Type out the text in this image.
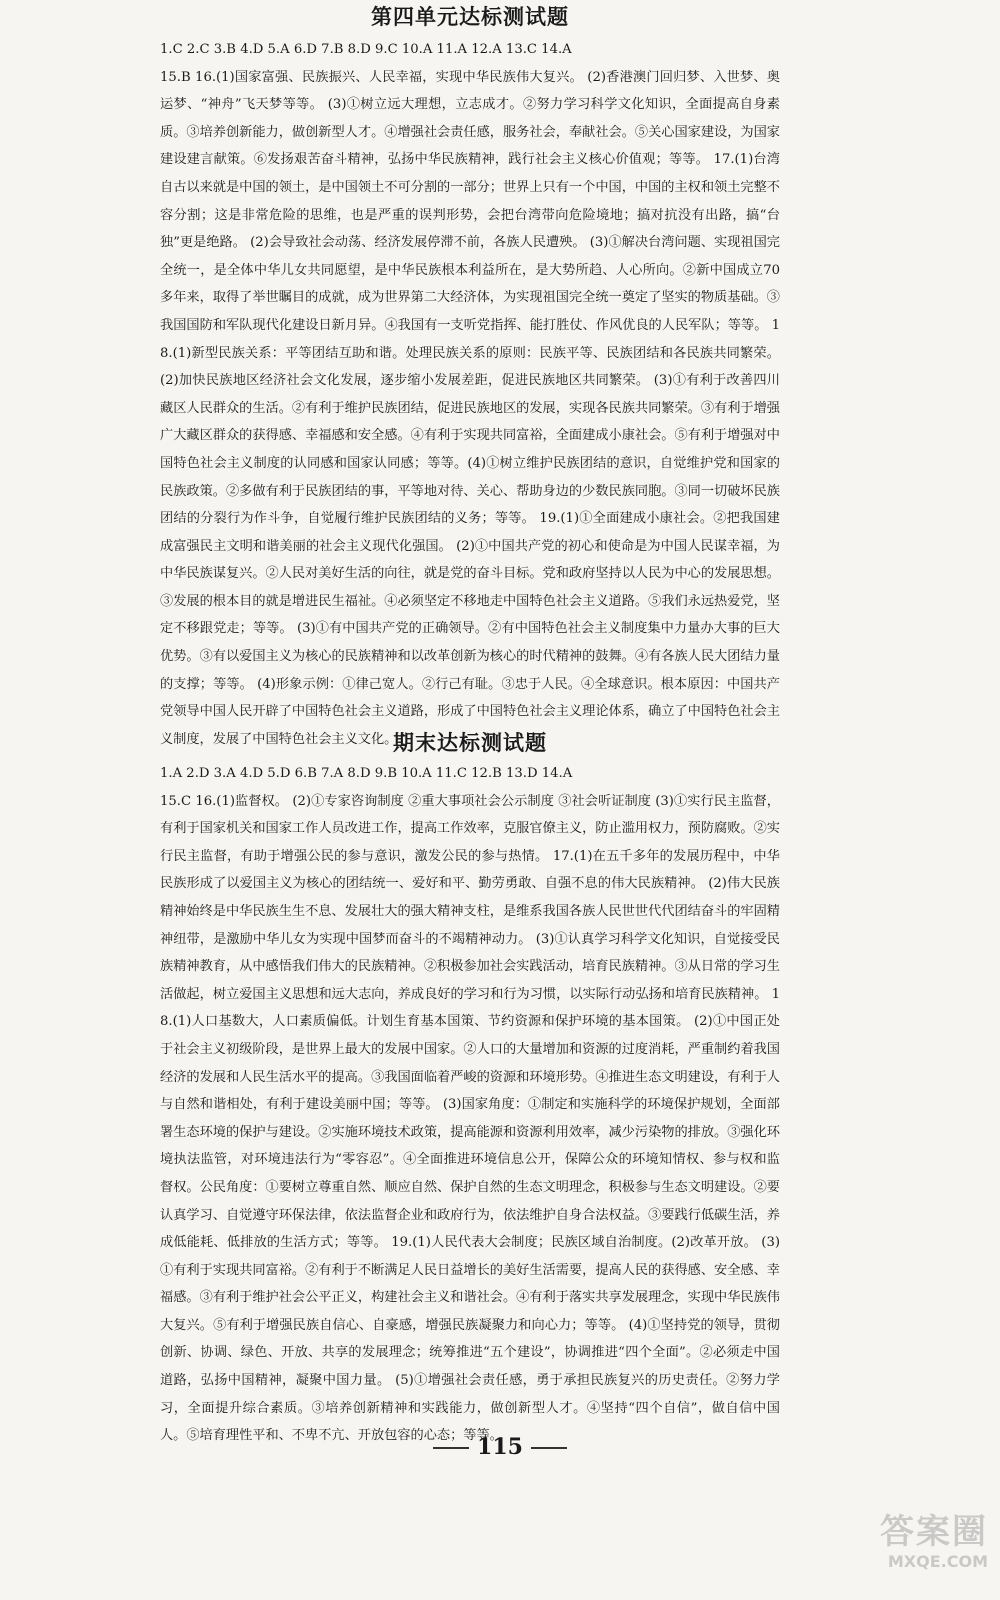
第四单元达标测试题
1.C 2.C 3.B 4.D 5.A 6.D 7.B 8.D 9.C 10.A 11.A 12.A 13.C 14.A
15.B 16.(1)国家富强、民族振兴、人民幸福，实现中华民族伟大复兴。 (2)香港澳门回归梦、入世梦、奥运梦、“神舟”飞天梦等等。 (3)①树立远大理想，立志成才。②努力学习科学文化知识，全面提高自身素质。③培养创新能力，做创新型人才。④增强社会责任感，服务社会，奉献社会。⑤关心国家建设，为国家建设建言献策。⑥发扬艰苦奋斗精神，弘扬中华民族精神，践行社会主义核心价值观；等等。 17.(1)台湾自古以来就是中国的领土，是中国领土不可分割的一部分；世界上只有一个中国，中国的主权和领土完整不容分割；这是非常危险的思维，也是严重的误判形势，会把台湾带向危险境地；搞对抗没有出路，搞“台独”更是绝路。 (2)会导致社会动荡、经济发展停滞不前，各族人民遭殃。 (3)①解决台湾问题、实现祖国完全统一，是全体中华儿女共同愿望，是中华民族根本利益所在，是大势所趋、人心所向。②新中国成立70多年来，取得了举世瞩目的成就，成为世界第二大经济体，为实现祖国完全统一奠定了坚实的物质基础。③我国国防和军队现代化建设日新月异。④我国有一支听党指挥、能打胜仗、作风优良的人民军队；等等。 18.(1)新型民族关系：平等团结互助和谐。处理民族关系的原则：民族平等、民族团结和各民族共同繁荣。 (2)加快民族地区经济社会文化发展，逐步缩小发展差距，促进民族地区共同繁荣。 (3)①有利于改善四川藏区人民群众的生活。②有利于维护民族团结，促进民族地区的发展，实现各民族共同繁荣。③有利于增强广大藏区群众的获得感、幸福感和安全感。④有利于实现共同富裕，全面建成小康社会。⑤有利于增强对中国特色社会主义制度的认同感和国家认同感；等等。(4)①树立维护民族团结的意识，自觉维护党和国家的民族政策。②多做有利于民族团结的事，平等地对待、关心、帮助身边的少数民族同胞。③同一切破坏民族团结的分裂行为作斗争，自觉履行维护民族团结的义务；等等。 19.(1)①全面建成小康社会。②把我国建成富强民主文明和谐美丽的社会主义现代化强国。 (2)①中国共产党的初心和使命是为中国人民谋幸福，为中华民族谋复兴。②人民对美好生活的向往，就是党的奋斗目标。党和政府坚持以人民为中心的发展思想。③发展的根本目的就是增进民生福祉。④必须坚定不移地走中国特色社会主义道路。⑤我们永远热爱党，坚定不移跟党走；等等。 (3)①有中国共产党的正确领导。②有中国特色社会主义制度集中力量办大事的巨大优势。③有以爱国主义为核心的民族精神和以改革创新为核心的时代精神的鼓舞。④有各族人民大团结力量的支撑；等等。 (4)形象示例：①律己宽人。②行己有耻。③忠于人民。④全球意识。根本原因：中国共产党领导中国人民开辟了中国特色社会主义道路，形成了中国特色社会主义理论体系，确立了中国特色社会主义制度，发展了中国特色社会主义文化。
期末达标测试题
1.A 2.D 3.A 4.D 5.D 6.B 7.A 8.D 9.B 10.A 11.C 12.B 13.D 14.A
15.C 16.(1)监督权。 (2)①专家咨询制度 ②重大事项社会公示制度 ③社会听证制度 (3)①实行民主监督，有利于国家机关和国家工作人员改进工作，提高工作效率，克服官僚主义，防止滥用权力，预防腐败。②实行民主监督，有助于增强公民的参与意识，激发公民的参与热情。 17.(1)在五千多年的发展历程中，中华民族形成了以爱国主义为核心的团结统一、爱好和平、勤劳勇敢、自强不息的伟大民族精神。 (2)伟大民族精神始终是中华民族生生不息、发展壮大的强大精神支柱，是维系我国各族人民世世代代团结奋斗的牢固精神纽带，是激励中华儿女为实现中国梦而奋斗的不竭精神动力。 (3)①认真学习科学文化知识，自觉接受民族精神教育，从中感悟我们伟大的民族精神。②积极参加社会实践活动，培育民族精神。③从日常的学习生活做起，树立爱国主义思想和远大志向，养成良好的学习和行为习惯，以实际行动弘扬和培育民族精神。 18.(1)人口基数大，人口素质偏低。计划生育基本国策、节约资源和保护环境的基本国策。 (2)①中国正处于社会主义初级阶段，是世界上最大的发展中国家。②人口的大量增加和资源的过度消耗，严重制约着我国经济的发展和人民生活水平的提高。③我国面临着严峻的资源和环境形势。④推进生态文明建设，有利于人与自然和谐相处，有利于建设美丽中国；等等。 (3)国家角度：①制定和实施科学的环境保护规划，全面部署生态环境的保护与建设。②实施环境技术政策，提高能源和资源利用效率，减少污染物的排放。③强化环境执法监管，对环境违法行为“零容忍”。④全面推进环境信息公开，保障公众的环境知情权、参与权和监督权。公民角度：①要树立尊重自然、顺应自然、保护自然的生态文明理念，积极参与生态文明建设。②要认真学习、自觉遵守环保法律，依法监督企业和政府行为，依法维护自身合法权益。③要践行低碳生活，养成低能耗、低排放的生活方式；等等。 19.(1)人民代表大会制度；民族区域自治制度。(2)改革开放。 (3)①有利于实现共同富裕。②有利于不断满足人民日益增长的美好生活需要，提高人民的获得感、安全感、幸福感。③有利于维护社会公平正义，构建社会主义和谐社会。④有利于落实共享发展理念，实现中华民族伟大复兴。⑤有利于增强民族自信心、自豪感，增强民族凝聚力和向心力；等等。 (4)①坚持党的领导，贯彻创新、协调、绿色、开放、共享的发展理念；统筹推进“五个建设”，协调推进“四个全面”。②必须走中国道路，弘扬中国精神，凝聚中国力量。 (5)①增强社会责任感，勇于承担民族复兴的历史责任。②努力学习，全面提升综合素质。③培养创新精神和实践能力，做创新型人才。④坚持“四个自信”，做自信中国人。⑤培育理性平和、不卑不亢、开放包容的心态；等等。
115
答案圈
MXQE.COM
